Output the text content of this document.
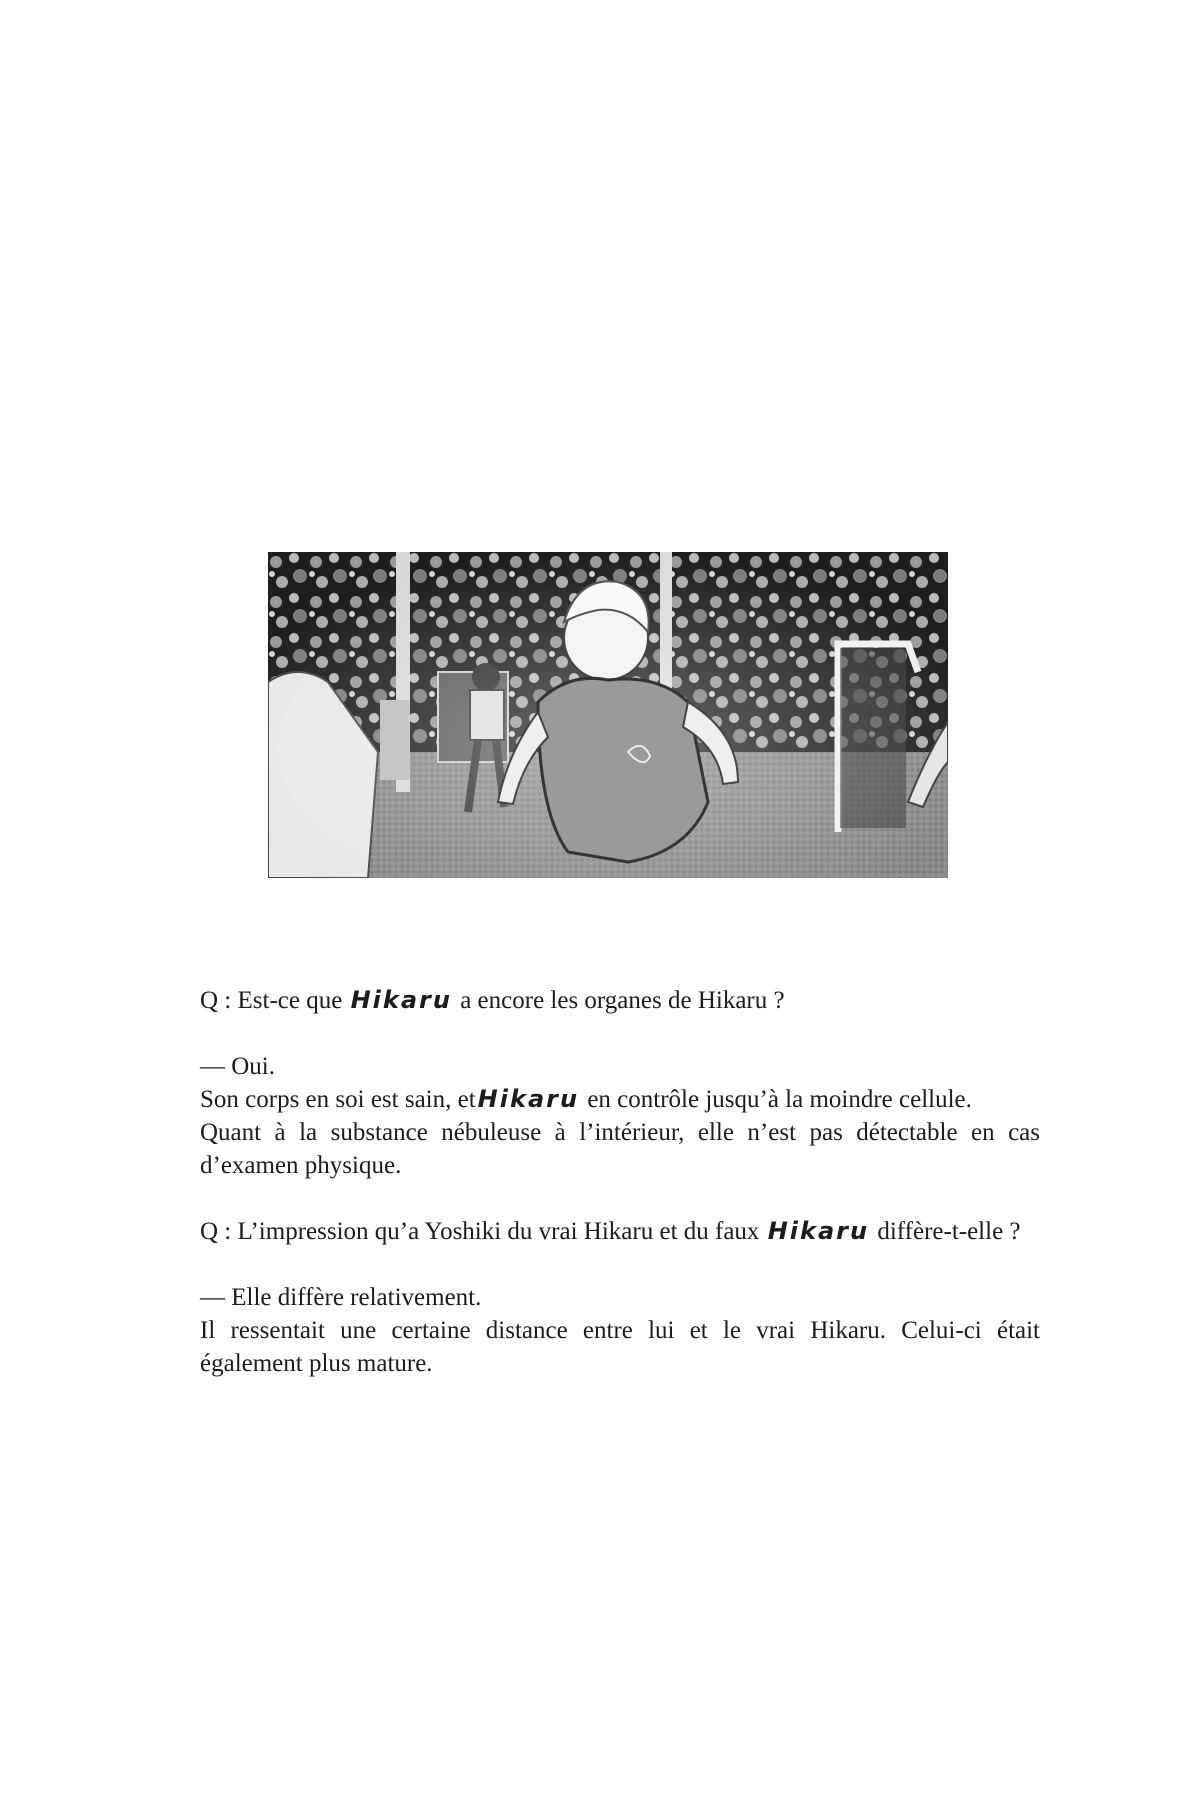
Q : Est-ce que Hikaru a encore les organes de Hikaru ?

— Oui.

Son corps en soi est sain, etHikaru en contrôle jusqu’à la moindre cellule.

Quant à la substance nébuleuse à l’intérieur, elle n’est pas détectable en cas d’examen physique.

Q : L’impression qu’a Yoshiki du vrai Hikaru et du faux Hikaru diffère-t-elle ?

— Elle diffère relativement.

Il ressentait une certaine distance entre lui et le vrai Hikaru. Celui-ci était également plus mature.
